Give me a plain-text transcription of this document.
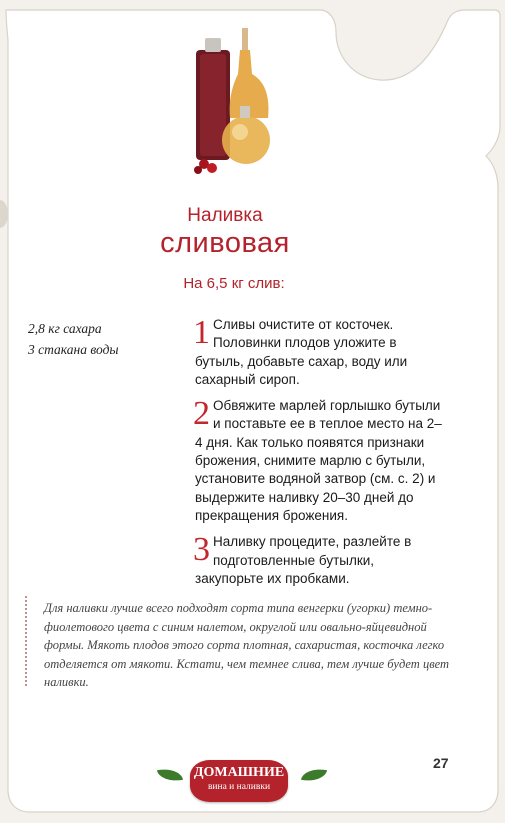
Наливка
сливовая
На 6,5 кг слив:
2,8 кг сахара
3 стакана воды	1 Сливы очистите от косточек. Половинки плодов уложите в бутыль, добавьте сахар, воду или сахарный сироп.
2 Обвяжите марлей горлышко бутыли и поставьте ее в теплое место на 2–4 дня. Как только появятся признаки брожения, снимите марлю с бутыли, установите водяной затвор (см. с. 2) и выдержите наливку 20–30 дней до прекращения брожения.
3 Наливку процедите, разлейте в подготовленные бутылки, закупорьте их пробками.
Для наливки лучше всего подходят сорта типа венгерки (угорки) темно-фиолетового цвета с синим налетом, округлой или овально-яйцевидной формы. Мякоть плодов этого сорта плотная, сахаристая, косточка легко отделяется от мякоти. Кстати, чем темнее слива, тем лучше будет цвет наливки.
ДОМАШНИЕ
вина и наливки
27
